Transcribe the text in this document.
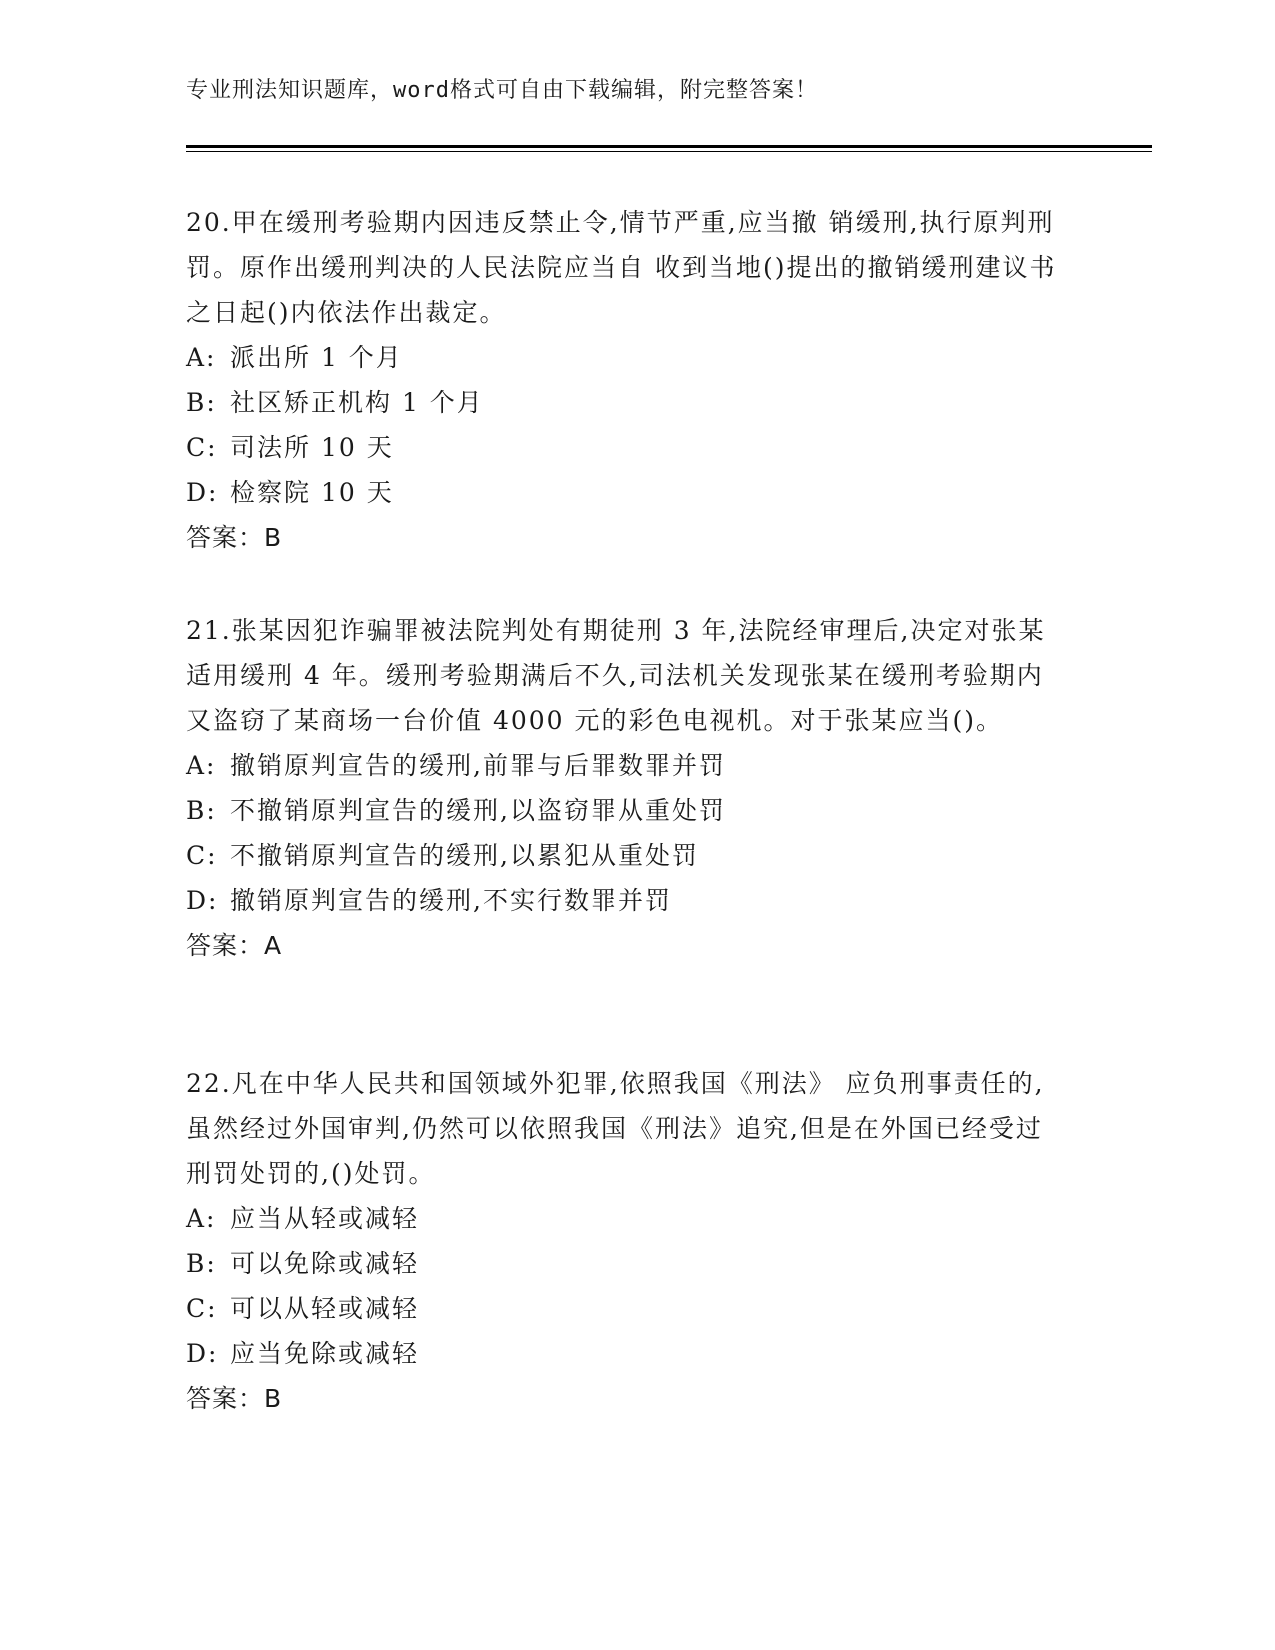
专业刑法知识题库，word格式可自由下载编辑，附完整答案！

20.甲在缓刑考验期内因违反禁止令,情节严重,应当撤 销缓刑,执行原判刑罚。原作出缓刑判决的人民法院应当自 收到当地()提出的撤销缓刑建议书之日起()内依法作出裁定。

A: 派出所 1 个月
B: 社区矫正机构 1 个月
C: 司法所 10 天
D: 检察院 10 天

答案：B

21.张某因犯诈骗罪被法院判处有期徒刑 3 年,法院经审理后,决定对张某适用缓刑 4 年。缓刑考验期满后不久,司法机关发现张某在缓刑考验期内又盗窃了某商场一台价值 4000 元的彩色电视机。对于张某应当()。

A: 撤销原判宣告的缓刑,前罪与后罪数罪并罚
B: 不撤销原判宣告的缓刑,以盗窃罪从重处罚
C: 不撤销原判宣告的缓刑,以累犯从重处罚
D: 撤销原判宣告的缓刑,不实行数罪并罚

答案：A

22.凡在中华人民共和国领域外犯罪,依照我国《刑法》 应负刑事责任的,虽然经过外国审判,仍然可以依照我国《刑法》追究,但是在外国已经受过刑罚处罚的,()处罚。

A: 应当从轻或减轻
B: 可以免除或减轻
C: 可以从轻或减轻
D: 应当免除或减轻

答案：B
